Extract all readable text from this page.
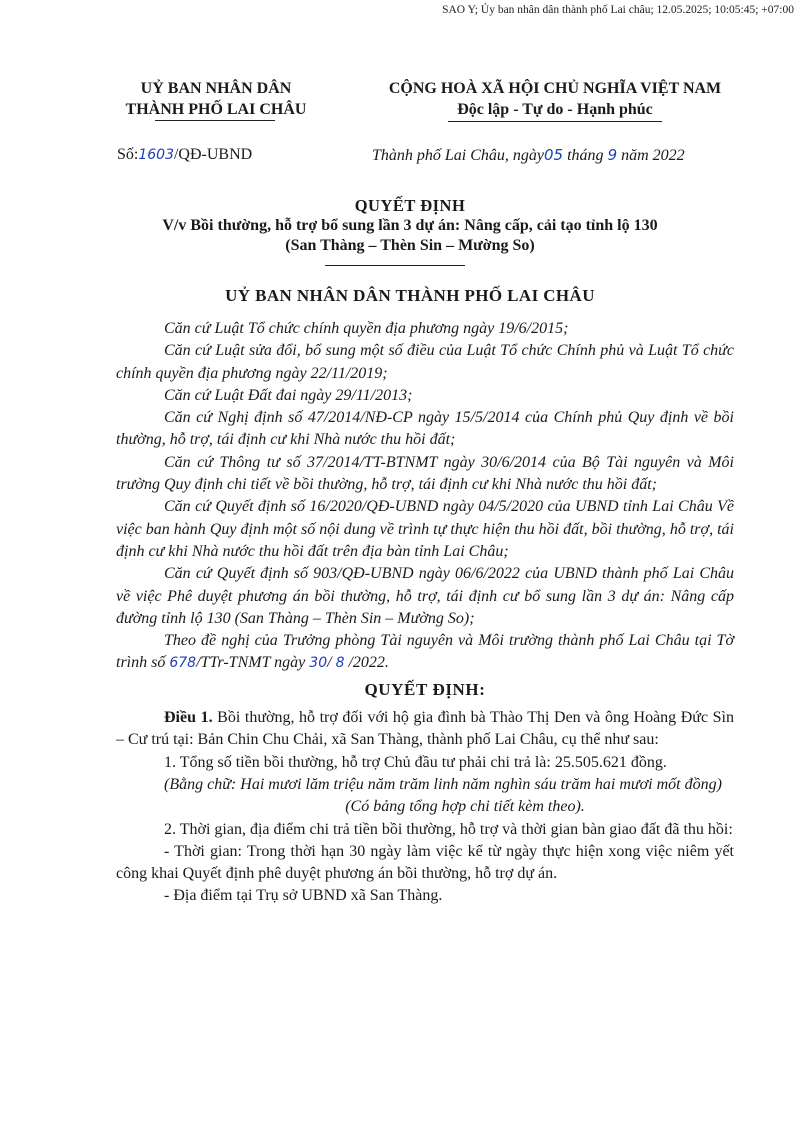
SAO Y; Ủy ban nhân dân thành phố Lai châu; 12.05.2025; 10:05:45; +07:00
UỶ BAN NHÂN DÂN
THÀNH PHỐ LAI CHÂU
CỘNG HOÀ XÃ HỘI CHỦ NGHĨA VIỆT NAM
Độc lập - Tự do - Hạnh phúc
Số:1603/QĐ-UBND	Thành phố Lai Châu, ngày05 tháng 9 năm 2022
QUYẾT ĐỊNH
V/v Bồi thường, hỗ trợ bổ sung lần 3 dự án: Nâng cấp, cải tạo tỉnh lộ 130
(San Thàng – Thèn Sin – Mường So)
UỶ BAN NHÂN DÂN THÀNH PHỐ LAI CHÂU

Căn cứ Luật Tổ chức chính quyền địa phương ngày 19/6/2015;

Căn cứ Luật sửa đổi, bổ sung một số điều của Luật Tổ chức Chính phủ và Luật Tổ chức chính quyền địa phương ngày 22/11/2019;

Căn cứ Luật Đất đai ngày 29/11/2013;

Căn cứ Nghị định số 47/2014/NĐ-CP ngày 15/5/2014 của Chính phủ Quy định về bồi thường, hỗ trợ, tái định cư khi Nhà nước thu hồi đất;

Căn cứ Thông tư số 37/2014/TT-BTNMT ngày 30/6/2014 của Bộ Tài nguyên và Môi trường Quy định chi tiết về bồi thường, hỗ trợ, tái định cư khi Nhà nước thu hồi đất;

Căn cứ Quyết định số 16/2020/QĐ-UBND ngày 04/5/2020 của UBND tỉnh Lai Châu Về việc ban hành Quy định một số nội dung về trình tự thực hiện thu hồi đất, bồi thường, hỗ trợ, tái định cư khi Nhà nước thu hồi đất trên địa bàn tỉnh Lai Châu;

Căn cứ Quyết định số 903/QĐ-UBND ngày 06/6/2022 của UBND thành phố Lai Châu về việc Phê duyệt phương án bồi thường, hỗ trợ, tái định cư bổ sung lần 3 dự án: Nâng cấp đường tỉnh lộ 130 (San Thàng – Thèn Sin – Mường So);

Theo đề nghị của Trưởng phòng Tài nguyên và Môi trường thành phố Lai Châu tại Tờ trình số 678/TTr-TNMT ngày 30/ 8 /2022.

QUYẾT ĐỊNH:

Điều 1. Bồi thường, hỗ trợ đối với hộ gia đình bà Thào Thị Den và ông Hoàng Đức Sìn – Cư trú tại: Bản Chin Chu Chải, xã San Thàng, thành phố Lai Châu, cụ thể như sau:

1. Tổng số tiền bồi thường, hỗ trợ Chủ đầu tư phải chi trả là: 25.505.621 đồng.

(Bằng chữ: Hai mươi lăm triệu năm trăm linh năm nghìn sáu trăm hai mươi mốt đồng)

(Có bảng tổng hợp chi tiết kèm theo).

2. Thời gian, địa điểm chi trả tiền bồi thường, hỗ trợ và thời gian bàn giao đất đã thu hồi:

- Thời gian: Trong thời hạn 30 ngày làm việc kể từ ngày thực hiện xong việc niêm yết công khai Quyết định phê duyệt phương án bồi thường, hỗ trợ dự án.

- Địa điểm tại Trụ sở UBND xã San Thàng.
